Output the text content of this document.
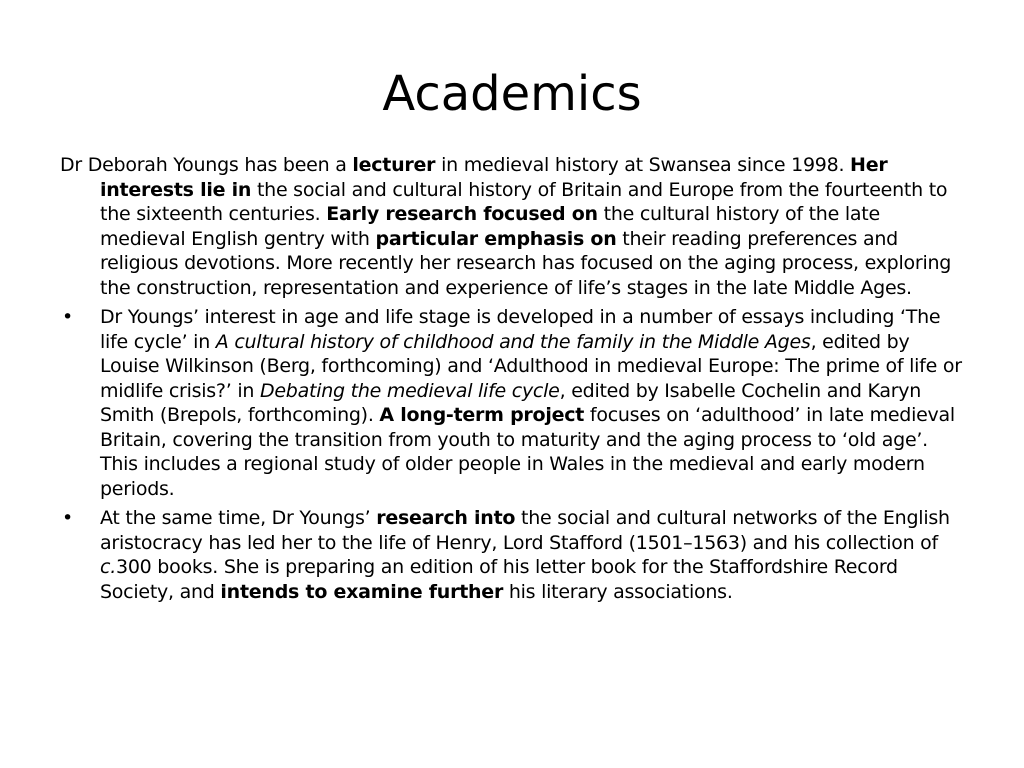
Academics

Dr Deborah Youngs has been a lecturer in medieval history at Swansea since 1998. Her interests lie in the social and cultural history of Britain and Europe from the fourteenth to the sixteenth centuries. Early research focused on the cultural history of the late medieval English gentry with particular emphasis on their reading preferences and religious devotions. More recently her research has focused on the aging process, exploring the construction, representation and experience of life’s stages in the late Middle Ages.

• Dr Youngs’ interest in age and life stage is developed in a number of essays including ‘The life cycle’ in A cultural history of childhood and the family in the Middle Ages, edited by Louise Wilkinson (Berg, forthcoming) and ‘Adulthood in medieval Europe: The prime of life or midlife crisis?’ in Debating the medieval life cycle, edited by Isabelle Cochelin and Karyn Smith (Brepols, forthcoming). A long-term project focuses on ‘adulthood’ in late medieval Britain, covering the transition from youth to maturity and the aging process to ‘old age’. This includes a regional study of older people in Wales in the medieval and early modern periods.

• At the same time, Dr Youngs’ research into the social and cultural networks of the English aristocracy has led her to the life of Henry, Lord Stafford (1501–1563) and his collection of c.300 books. She is preparing an edition of his letter book for the Staffordshire Record Society, and intends to examine further his literary associations.
